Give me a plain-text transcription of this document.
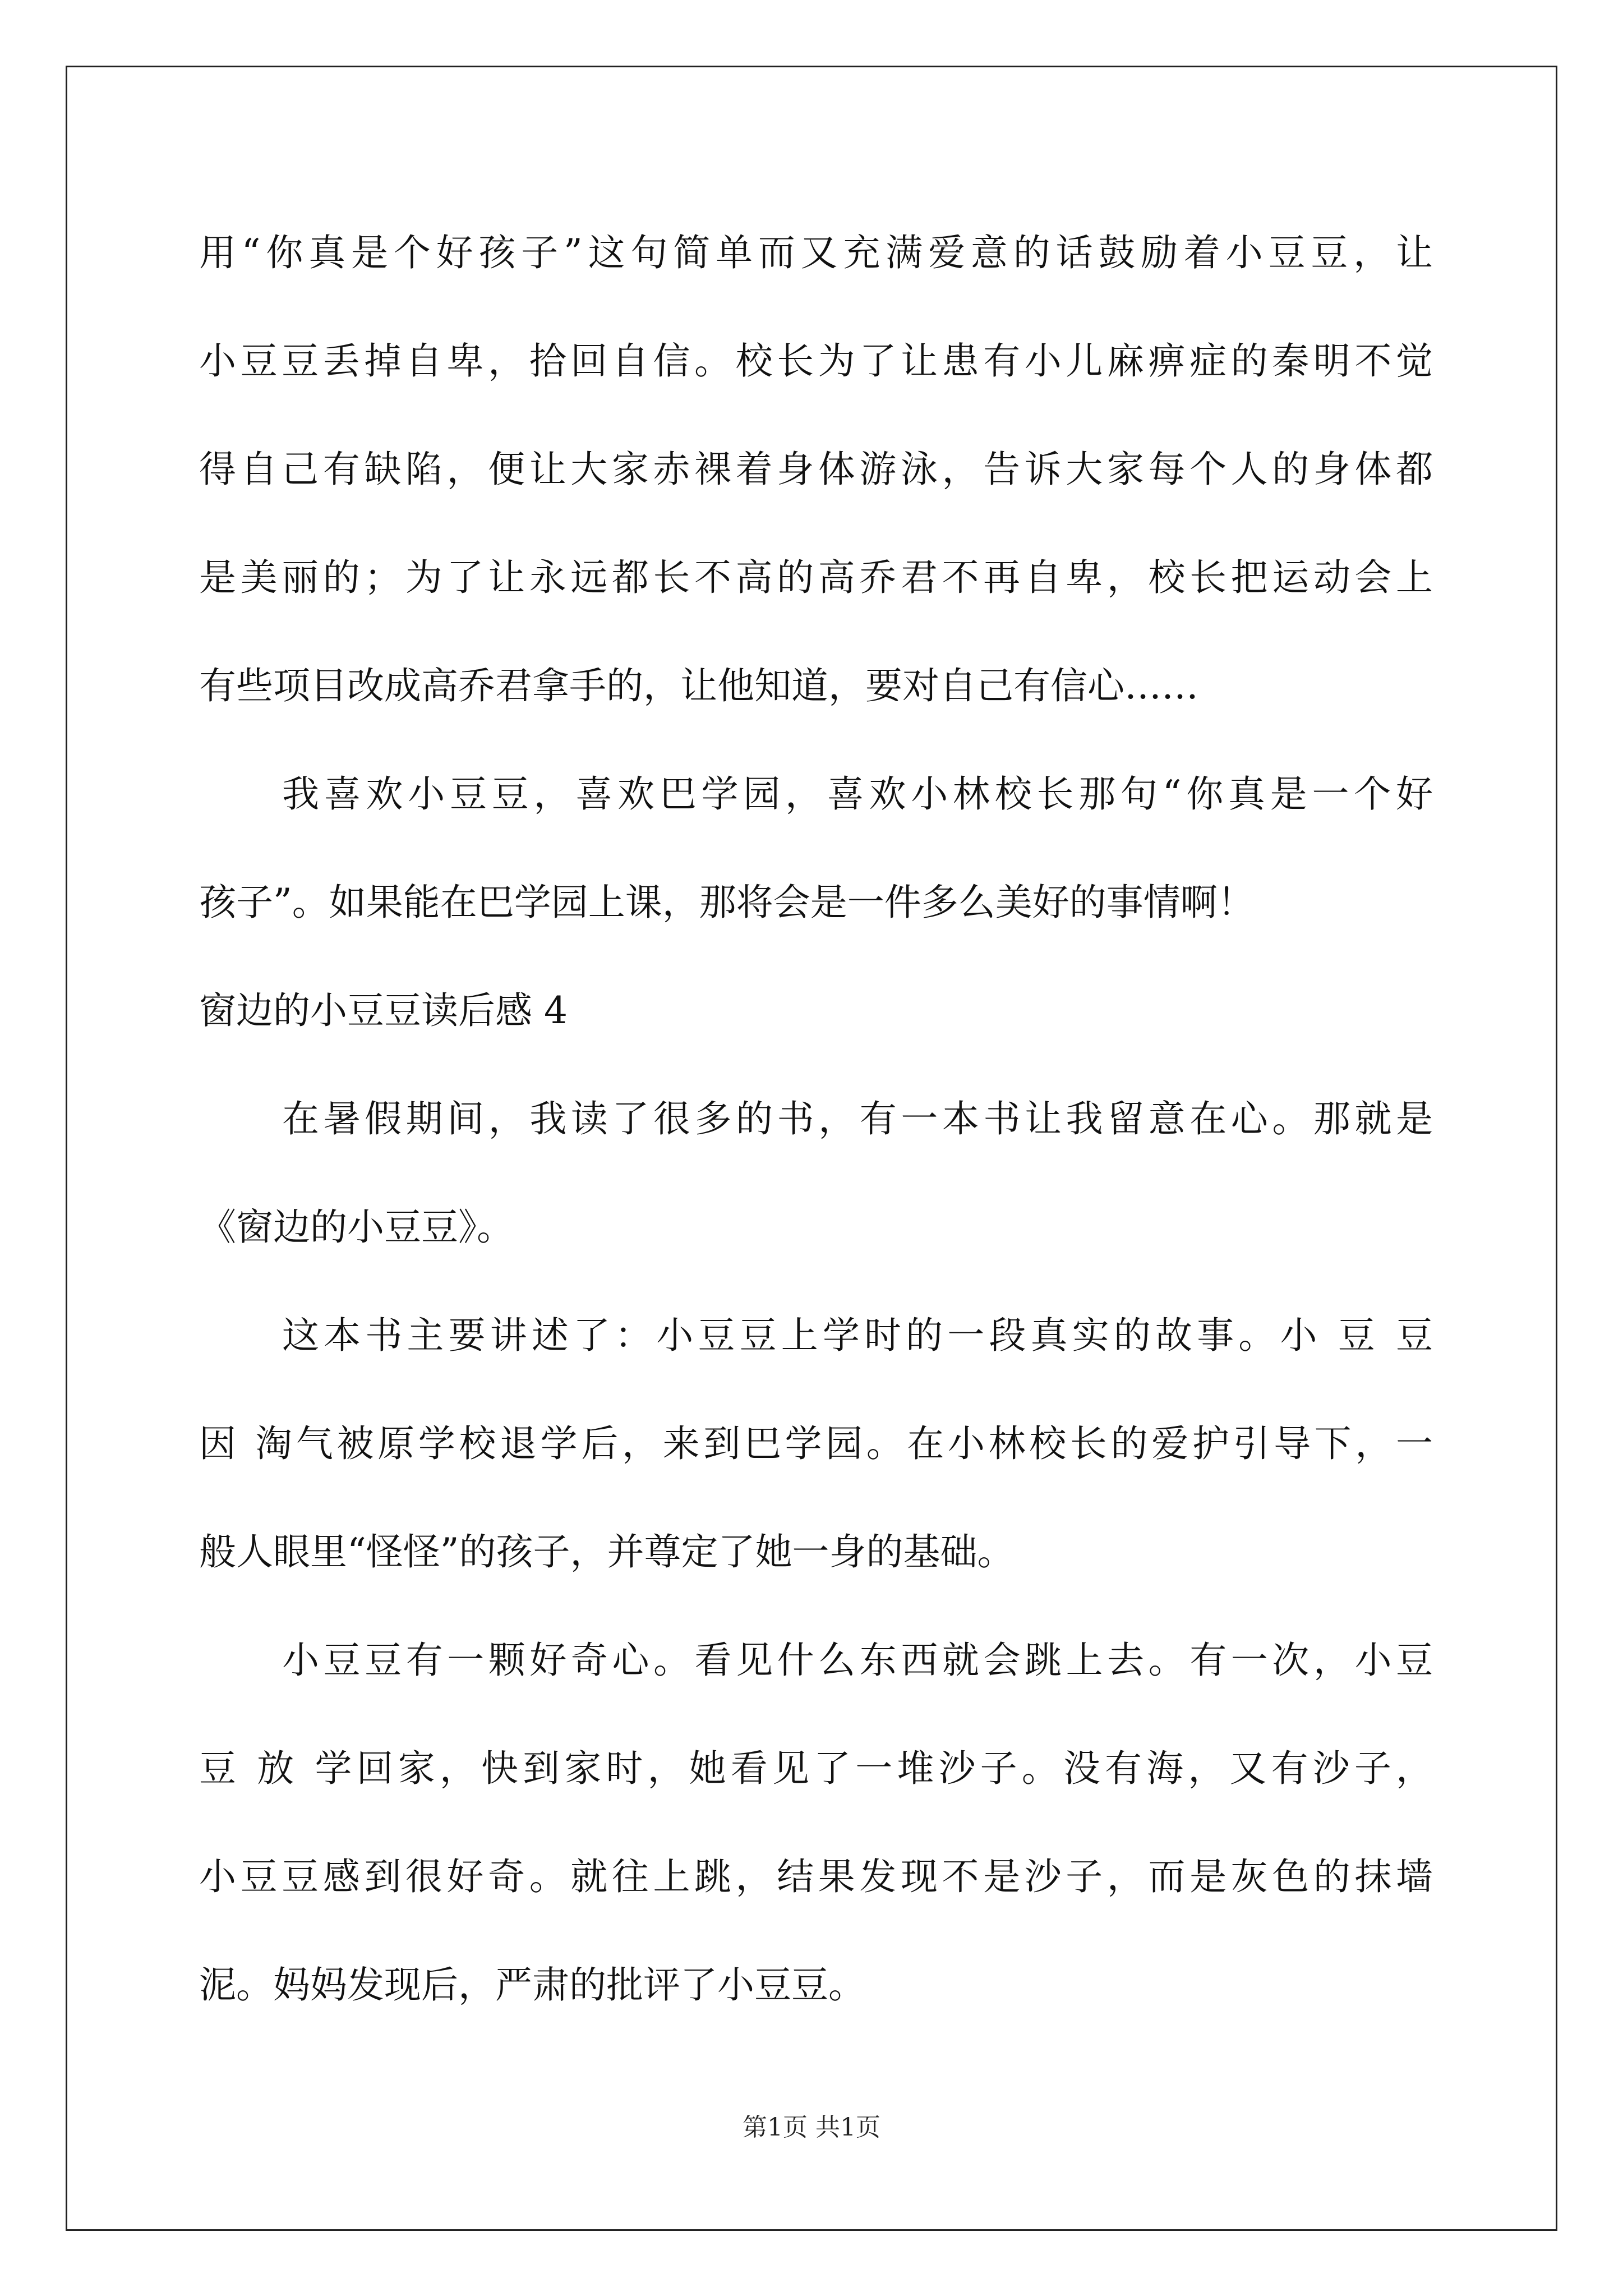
用“你真是个好孩子”这句简单而又充满爱意的话鼓励着小豆豆，让
小豆豆丢掉自卑，拾回自信。校长为了让患有小儿麻痹症的秦明不觉
得自己有缺陷，便让大家赤裸着身体游泳，告诉大家每个人的身体都
是美丽的；为了让永远都长不高的高乔君不再自卑，校长把运动会上
有些项目改成高乔君拿手的，让他知道，要对自己有信心……
我喜欢小豆豆，喜欢巴学园，喜欢小林校长那句“你真是一个好
孩子”。如果能在巴学园上课，那将会是一件多么美好的事情啊！
窗边的小豆豆读后感 4
在暑假期间，我读了很多的书，有一本书让我留意在心。那就是
《窗边的小豆豆》。
这本书主要讲述了：小豆豆上学时的一段真实的故事。小 豆 豆
因 淘气被原学校退学后，来到巴学园。在小林校长的爱护引导下，一
般人眼里“怪怪”的孩子，并尊定了她一身的基础。
小豆豆有一颗好奇心。看见什么东西就会跳上去。有一次，小豆
豆 放 学回家，快到家时，她看见了一堆沙子。没有海，又有沙子，
小豆豆感到很好奇。就往上跳，结果发现不是沙子，而是灰色的抹墙
泥。妈妈发现后，严肃的批评了小豆豆。
第1页 共1页
